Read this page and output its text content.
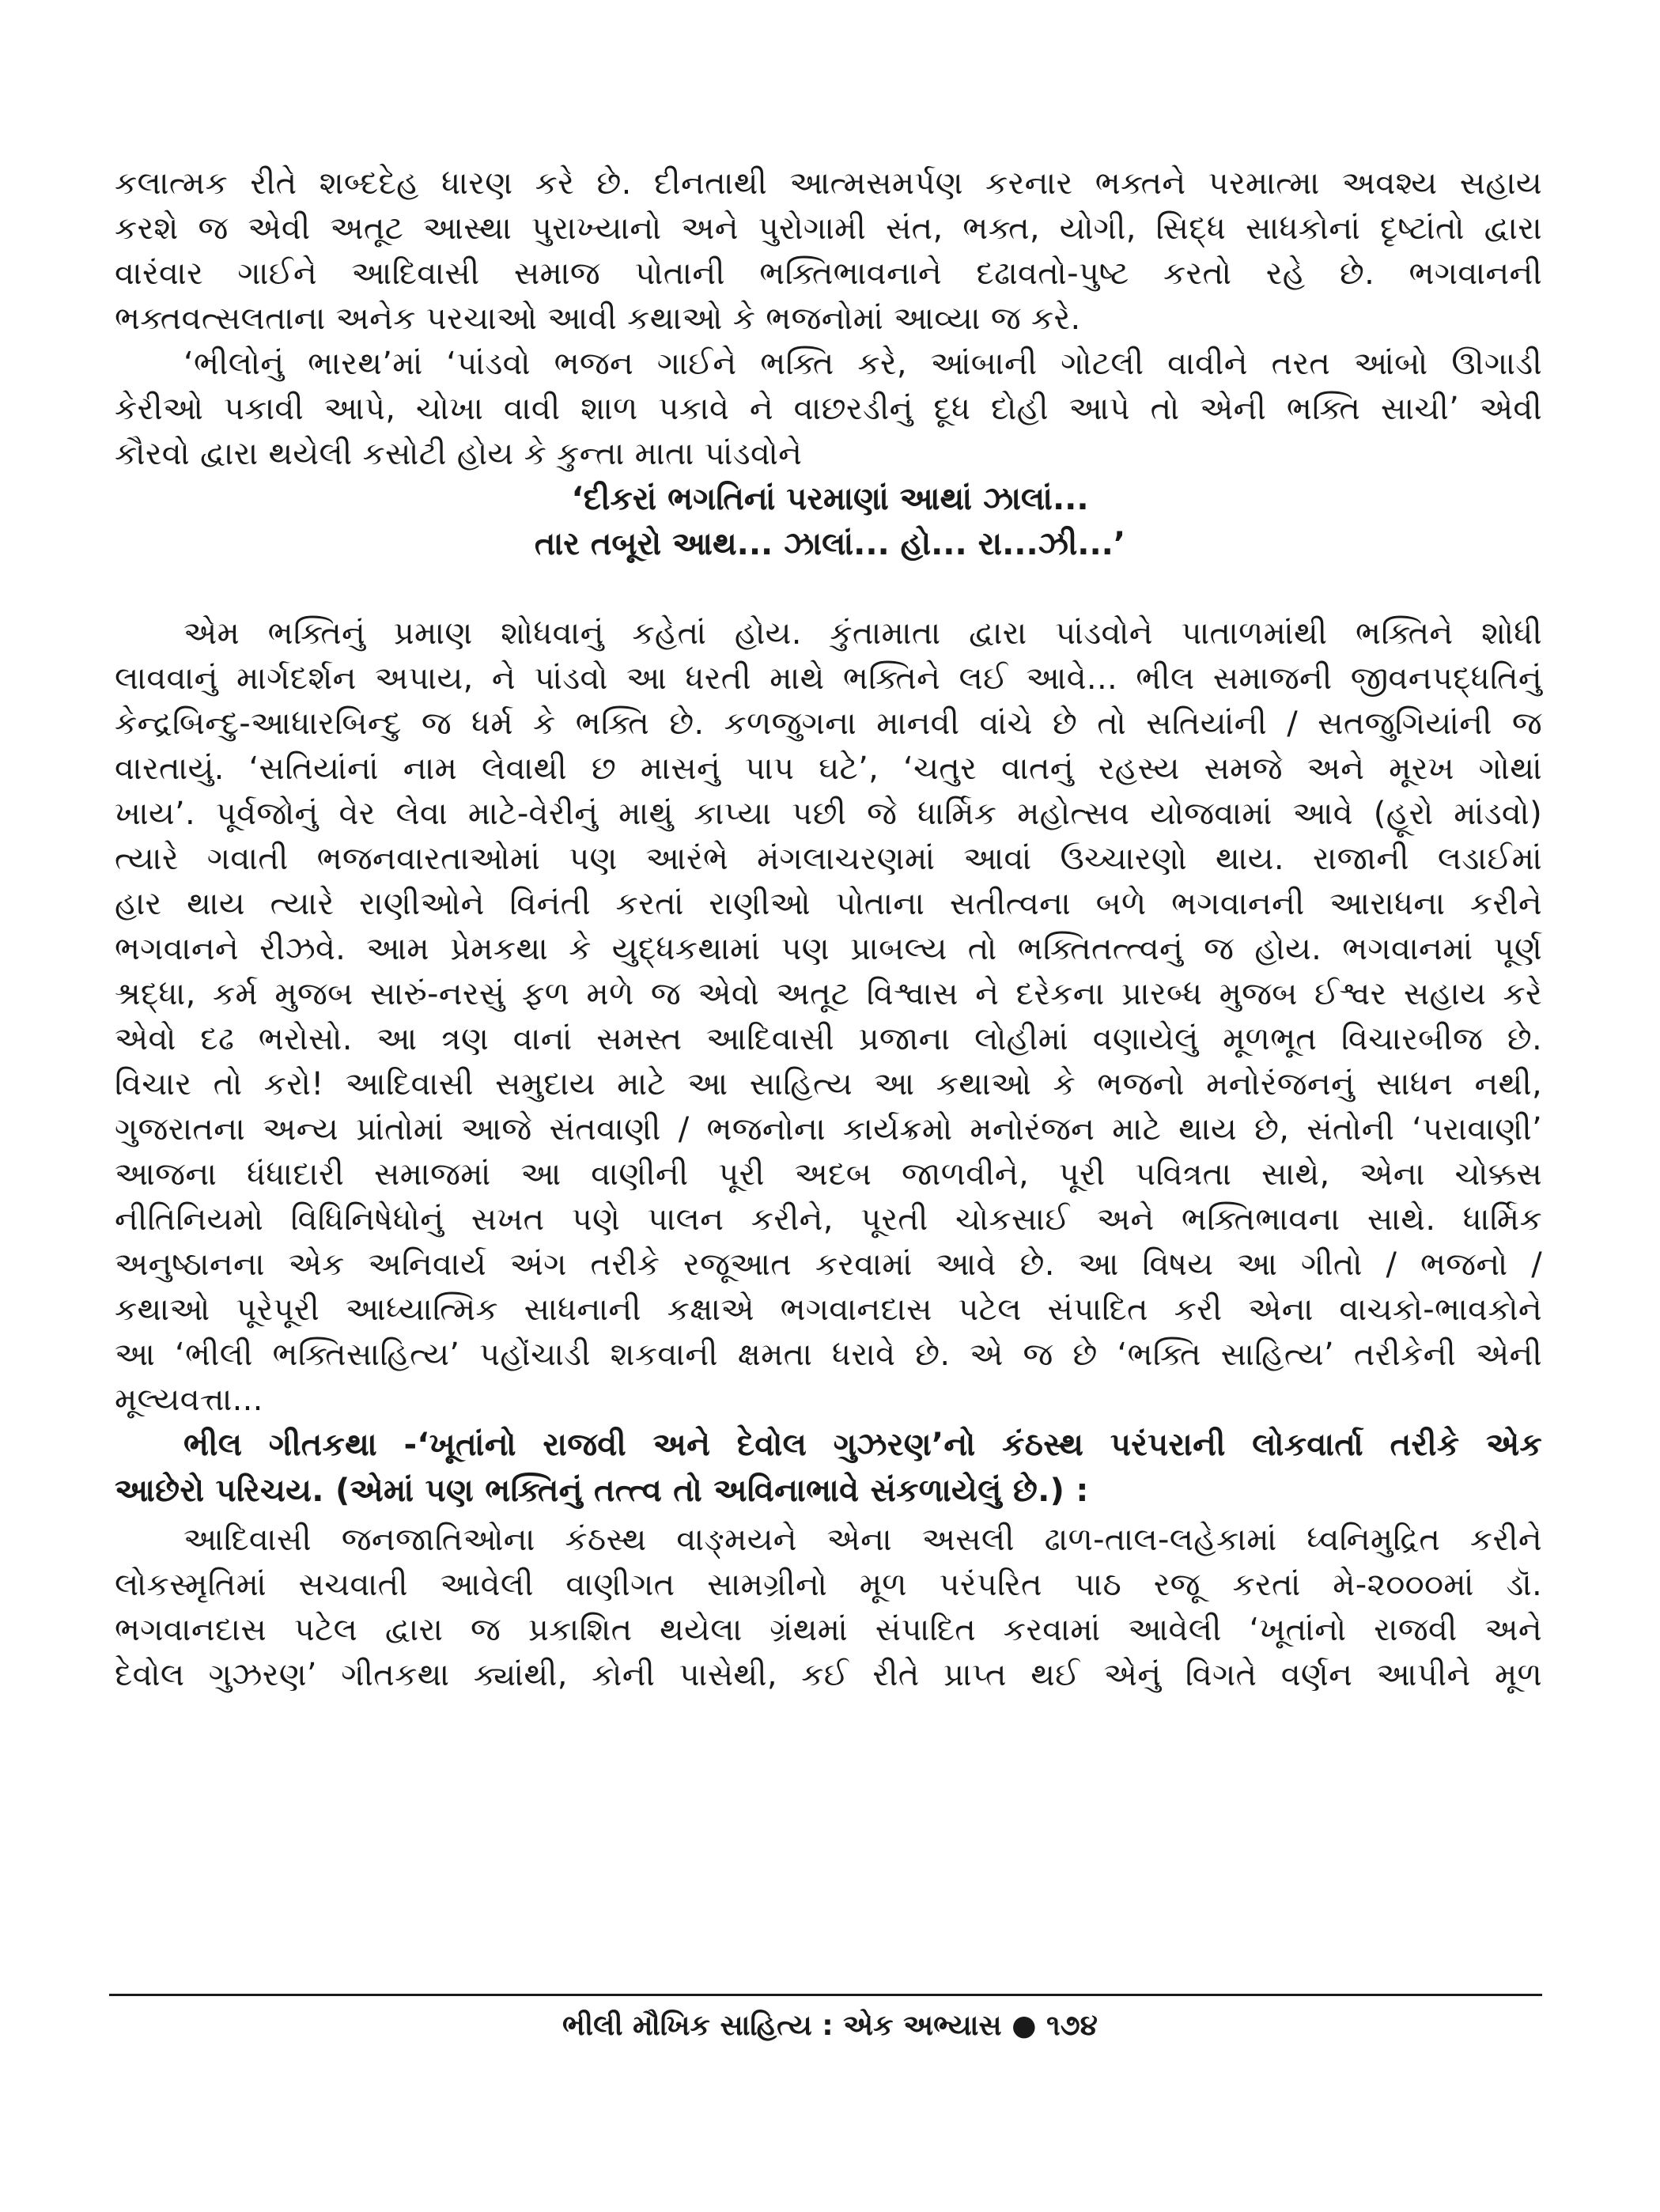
કલાત્મક રીતે શબ્દદેહ ધારણ કરે છે. દીનતાથી આત્મસમર્પણ કરનાર ભક્તને પરમાત્મા અવશ્ય સહાય
કરશે જ એવી અતૂટ આસ્થા પુરાખ્યાનો અને પુરોગામી સંત, ભક્ત, યોગી, સિદ્ધ સાધકોનાં દૃષ્ટાંતો દ્વારા
વારંવાર ગાઈને આદિવાસી સમાજ પોતાની ભક્તિભાવનાને દઢાવતો-પુષ્ટ કરતો રહે છે. ભગવાનની
ભક્તવત્સલતાના અનેક પરચાઓ આવી કથાઓ કે ભજનોમાં આવ્યા જ કરે.
‘ભીલોનું ભારથ’માં ‘પાંડવો ભજન ગાઈને ભક્તિ કરે, આંબાની ગોટલી વાવીને તરત આંબો ઊગાડી
કેરીઓ પકાવી આપે, ચોખા વાવી શાળ પકાવે ને વાછરડીનું દૂધ દોહી આપે તો એની ભક્તિ સાચી’ એવી
કૌરવો દ્વારા થયેલી કસોટી હોય કે કુન્તા માતા પાંડવોને
એમ ભક્તિનું પ્રમાણ શોધવાનું કહેતાં હોય. કુંતામાતા દ્વારા પાંડવોને પાતાળમાંથી ભક્તિને શોધી
લાવવાનું માર્ગદર્શન અપાય, ને પાંડવો આ ધરતી માથે ભક્તિને લઈ આવે... ભીલ સમાજની જીવનપદ્ધતિનું
કેન્દ્રબિન્દુ-આધારબિન્દુ જ ધર્મ કે ભક્તિ છે. કળજુગના માનવી વાંચે છે તો સતિયાંની / સતજુગિયાંની જ
વારતાયું. ‘સતિયાંનાં નામ લેવાથી છ માસનું પાપ ઘટે’, ‘ચતુર વાતનું રહસ્ય સમજે અને મૂરખ ગોથાં
ખાય’. પૂર્વજોનું વેર લેવા માટે-વેરીનું માથું કાપ્યા પછી જે ધાર્મિક મહોત્સવ યોજવામાં આવે (હૂરો માંડવો)
ત્યારે ગવાતી ભજનવારતાઓમાં પણ આરંભે મંગલાચરણમાં આવાં ઉચ્ચારણો થાય. રાજાની લડાઈમાં
હાર થાય ત્યારે રાણીઓને વિનંતી કરતાં રાણીઓ પોતાના સતીત્વના બળે ભગવાનની આરાધના કરીને
ભગવાનને રીઝવે. આમ પ્રેમકથા કે યુદ્ધકથામાં પણ પ્રાબલ્ય તો ભક્તિતત્ત્વનું જ હોય. ભગવાનમાં પૂર્ણ
શ્રદ્ધા, કર્મ મુજબ સારું-નરસું ફળ મળે જ એવો અતૂટ વિશ્વાસ ને દરેકના પ્રારબ્ધ મુજબ ઈશ્વર સહાય કરે
એવો દઢ ભરોસો. આ ત્રણ વાનાં સમસ્ત આદિવાસી પ્રજાના લોહીમાં વણાયેલું મૂળભૂત વિચારબીજ છે.
વિચાર તો કરો! આદિવાસી સમુદાય માટે આ સાહિત્ય આ કથાઓ કે ભજનો મનોરંજનનું સાધન નથી,
ગુજરાતના અન્ય પ્રાંતોમાં આજે સંતવાણી / ભજનોના કાર્યક્રમો મનોરંજન માટે થાય છે, સંતોની ‘પરાવાણી’
આજના ધંધાદારી સમાજમાં આ વાણીની પૂરી અદબ જાળવીને, પૂરી પવિત્રતા સાથે, એના ચોક્કસ
નીતિનિયમો વિધિનિષેધોનું સખત પણે પાલન કરીને, પૂરતી ચોકસાઈ અને ભક્તિભાવના સાથે. ધાર્મિક
અનુષ્ઠાનના એક અનિવાર્ય અંગ તરીકે રજૂઆત કરવામાં આવે છે. આ વિષય આ ગીતો / ભજનો /
કથાઓ પૂરેપૂરી આધ્યાત્મિક સાધનાની કક્ષાએ ભગવાનદાસ પટેલ સંપાદિત કરી એના વાચકો-ભાવકોને
આ ‘ભીલી ભક્તિસાહિત્ય’ પહોંચાડી શકવાની ક્ષમતા ધરાવે છે. એ જ છે ‘ભક્તિ સાહિત્ય’ તરીકેની એની
મૂલ્યવત્તા...
ભીલ ગીતકથા -‘ખૂતાંનો રાજવી અને દેવોલ ગુઝરણ’નો કંઠસ્થ પરંપરાની લોકવાર્તા તરીકે એક
આછેરો પરિચય. (એમાં પણ ભક્તિનું તત્ત્વ તો અવિનાભાવે સંકળાયેલું છે.) :
આદિવાસી જનજાતિઓના કંઠસ્થ વાઙ્મયને એના અસલી ઢાળ-તાલ-લહેકામાં ધ્વનિમુદ્રિત કરીને
લોકસ્મૃતિમાં સચવાતી આવેલી વાણીગત સામગ્રીનો મૂળ પરંપરિત પાઠ રજૂ કરતાં મે-૨૦૦૦માં ડૉ.
ભગવાનદાસ પટેલ દ્વારા જ પ્રકાશિત થયેલા ગ્રંથમાં સંપાદિત કરવામાં આવેલી ‘ખૂતાંનો રાજવી અને
દેવોલ ગુઝરણ’ ગીતકથા ક્યાંથી, કોની પાસેથી, કઈ રીતે પ્રાપ્ત થઈ એનું વિગતે વર્ણન આપીને મૂળ
‘દીકરાં ભગતિનાં પરમાણાં આથાં ઝાલાં...
તાર તબૂરો આથ... ઝાલાં... હો... રા...ઝી...’
ભીલી મૌખિક સાહિત્ય : એક અભ્યાસ ● ૧૭૪
